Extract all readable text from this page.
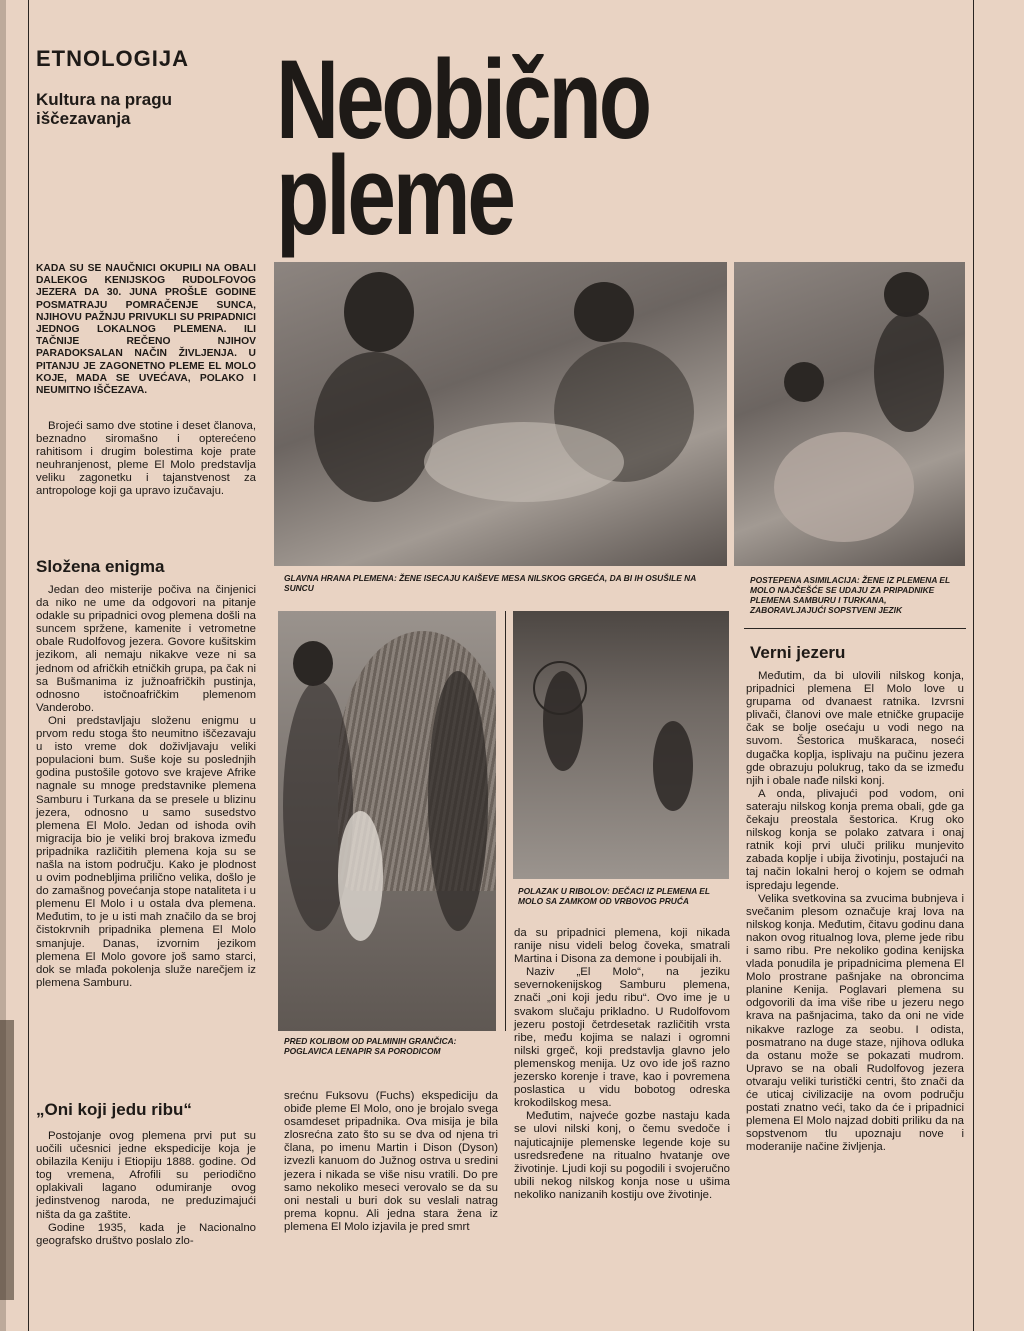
ETNOLOGIJA
Kultura na pragu iščezavanja	Neobično
pleme
KADA SU SE NAUČNICI OKUPILI NA OBALI DALEKOG KENIJSKOG RUDOLFOVOG JEZERA DA 30. JUNA PROŠLE GODINE POSMATRAJU POMRAČENJE SUNCA, NJIHOVU PAŽNJU PRIVUKLI SU PRIPADNICI JEDNOG LOKALNOG PLEMENA. ILI TAČNIJE REČENO NJIHOV PARADOKSALAN NAČIN ŽIVLJENJA. U PITANJU JE ZAGONETNO PLEME EL MOLO KOJE, MADA SE UVEĆAVA, POLAKO I NEUMITNO IŠČEZAVA.

Brojeći samo dve stotine i deset članova, beznadno siromašno i opterećeno rahitisom i drugim bolestima koje prate neuhranjenost, pleme El Molo predstavlja veliku zagonetku i tajanstvenost za antropologe koji ga upravo izučavaju.

Složena enigma

Jedan deo misterije počiva na činjenici da niko ne ume da odgovori na pitanje odakle su pripadnici ovog plemena došli na suncem sprženе, kamenite i vetrometne obale Rudolfovog jezera. Govore kušitskim jezikom, ali nemaju nikakve veze ni sa jednom od afričkih etničkih grupa, pa čak ni sa Bušmanima iz južnoafričkih pustinja, odnosno istočnoafričkim plemenom Vanderobo.

Oni predstavljaju složenu enigmu u prvom redu stoga što neumitno iščezavaju u isto vreme dok doživljavaju veliki populacioni bum. Suše koje su poslednjih godina pustošile gotovo sve krajeve Afrike nagnale su mnoge predstavnike plemena Samburu i Turkana da se presele u blizinu jezera, odnosno u samo susedstvo plemena El Molo. Jedan od ishoda ovih migracija bio je veliki broj brakova između pripadnika različitih plemena koja su se našla na istom području. Kako je plodnost u ovim podnebljima prilično velika, došlo je do zamašnog povećanja stope nataliteta i u plemenu El Molo i u ostala dva plemena. Međutim, to je u isti mah značilo da se broj čistokrvnih pripadnika plemena El Molo smanjuje. Danas, izvornim jezikom plemena El Molo govore još samo starci, dok se mlađa pokolenja služe narečjem iz plemena Samburu.

„Oni koji jedu ribu“

Postojanje ovog plemena prvi put su uočili učesnici jedne ekspedicije koja je obilazila Keniju i Etiopiju 1888. godine. Od tog vremena, Afrofili su periodično oplakivali lagano odumiranje ovog jedinstvenog naroda, ne preduzimajući ništa da ga zaštite.

Godine 1935, kada je Nacionalno geografsko društvo poslalo zlo-

GLAVNA HRANA PLEMENA: ŽENE ISECAJU KAIŠEVE MESA NILSKOG GRGEĆA, DA BI IH OSUŠILE NA SUNCU
POSTEPENA ASIMILACIJA: ŽENE IZ PLEMENA EL MOLO NAJČEŠĆE SE UDAJU ZA PRIPADNIKE PLEMENA SAMBURU I TURKANA, ZABORAVLJAJUĆI SOPSTVENI JEZIK
PRED KOLIBOM OD PALMINIH GRANČICA: POGLAVICA LENAPIR SA PORODICOM
POLAZAK U RIBOLOV: DEČACI IZ PLEMENA EL MOLO SA ZAMKOM OD VRBOVOG PRUĆA

srećnu Fuksovu (Fuchs) ekspediciju da obiđe pleme El Molo, ono je brojalo svega osamdeset pripadnika. Ova misija je bila zlosrećna zato što su se dva od njena tri člana, po imenu Martin i Dison (Dyson) izvezli kanuom do Južnog ostrva u sredini jezera i nikada se više nisu vratili. Do pre samo nekoliko meseci verovalo se da su oni nestali u buri dok su veslali natrag prema kopnu. Ali jedna stara žena iz plemena El Molo izjavila je pred smrt

da su pripadnici plemena, koji nikada ranije nisu videli belog čoveka, smatrali Martina i Disona za demone i poubijali ih.

Naziv „El Molo“, na jeziku severnokenijskog Samburu plemena, znači „oni koji jedu ribu“. Ovo ime je u svakom slučaju prikladno. U Rudolfovom jezeru postoji četrdesetak različitih vrsta ribe, među kojima se nalazi i ogromni nilski grgeč, koji predstavlja glavno jelo plemenskog menija. Uz ovo ide još razno jezersko korenje i trave, kao i povremena poslastica u vidu bobotog odreska krokodilskog mesa.

Međutim, najveće gozbe nastaju kada se ulovi nilski konj, o čemu svedoče i najuticajnije plemenske legende koje su usredsređene na ritualno hvatanje ove životinje. Ljudi koji su pogodili i svojeručno ubili nekog nilskog konja nose u ušima nekoliko nanizanih kostiju ove životinje.

Verni jezeru

Međutim, da bi ulovili nilskog konja, pripadnici plemena El Molo love u grupama od dvanaest ratnika. Izvrsni plivači, članovi ove male etničke grupacije čak se bolje osećaju u vodi nego na suvom. Šestorica muškaraca, noseći dugačka koplja, isplivaju na pučinu jezera gde obrazuju polukrug, tako da se između njih i obale nađe nilski konj.

A onda, plivajući pod vodom, oni sateraju nilskog konja prema obali, gde ga čekaju preostala šestorica. Krug oko nilskog konja se polako zatvara i onaj ratnik koji prvi uluči priliku munjevito zabada koplje i ubija životinju, postajući na taj način lokalni heroj o kojem se odmah ispredaju legende.

Velika svetkovina sa zvucima bubnjeva i svečanim plesom označuje kraj lova na nilskog konja. Međutim, čitavu godinu dana nakon ovog ritualnog lova, pleme jede ribu i samo ribu. Pre nekoliko godina kenijska vlada ponudila je pripadnicima plemena El Molo prostrane pašnjake na obroncima planine Kenija. Poglavari plemena su odgovorili da ima više ribe u jezeru nego krava na pašnjacima, tako da oni ne vide nikakve razloge za seobu. I odista, posmatrano na duge staze, njihova odluka da ostanu može se pokazati mudrom. Upravo se na obali Rudolfovog jezera otvaraju veliki turistički centri, što znači da će uticaj civilizacije na ovom području postati znatno veći, tako da će i pripadnici plemena El Molo najzad dobiti priliku da na sopstvenom tlu upoznaju nove i moderanije načine življenja.
